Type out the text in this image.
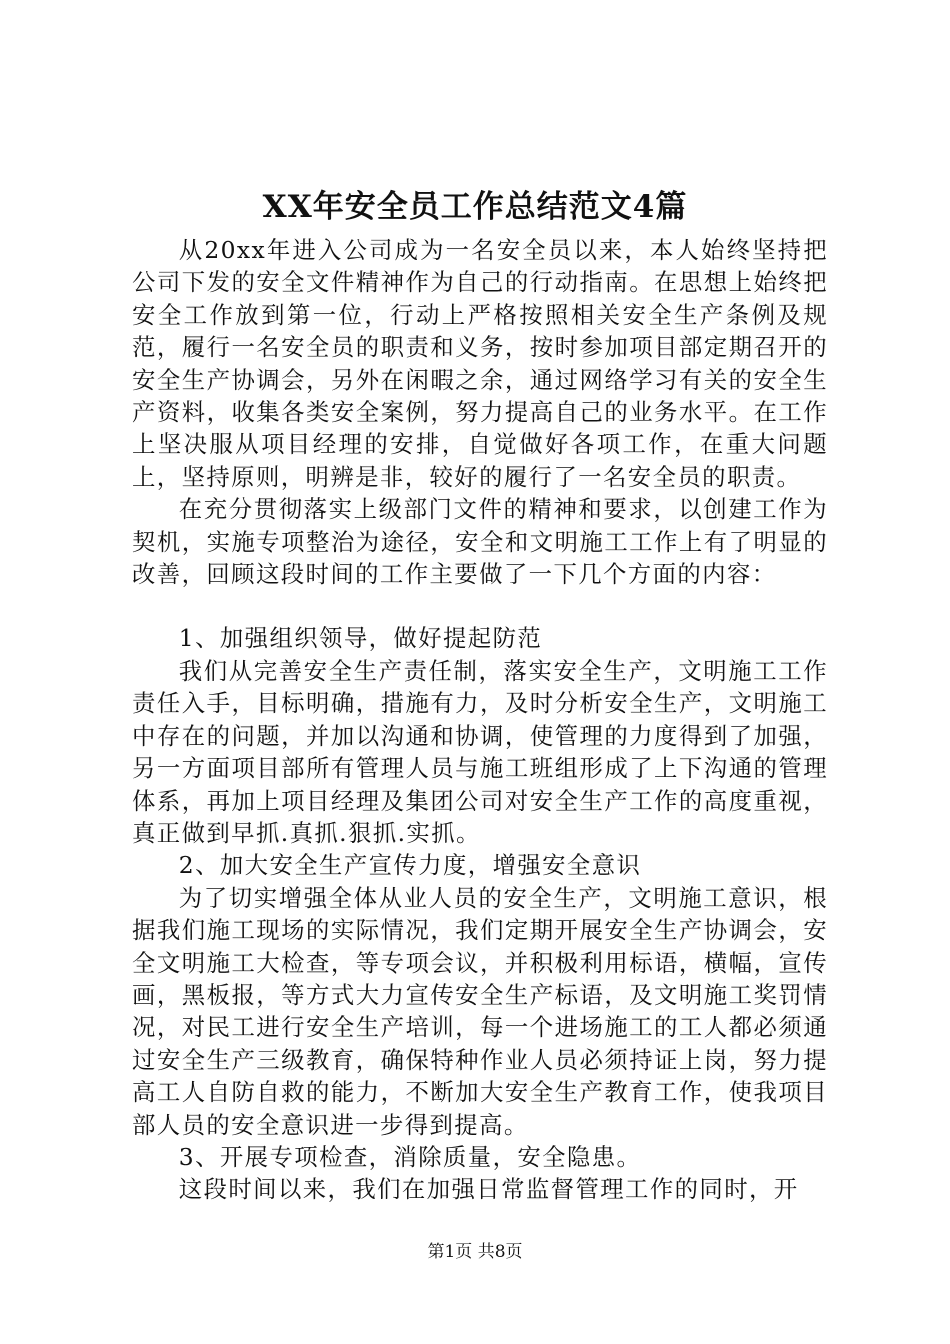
XX年安全员工作总结范文4篇

从20xx年进入公司成为一名安全员以来，本人始终坚持把公司下发的安全文件精神作为自己的行动指南。在思想上始终把安全工作放到第一位，行动上严格按照相关安全生产条例及规范，履行一名安全员的职责和义务，按时参加项目部定期召开的安全生产协调会，另外在闲暇之余，通过网络学习有关的安全生产资料，收集各类安全案例，努力提高自己的业务水平。在工作上坚决服从项目经理的安排，自觉做好各项工作，在重大问题上，坚持原则，明辨是非，较好的履行了一名安全员的职责。

在充分贯彻落实上级部门文件的精神和要求，以创建工作为契机，实施专项整治为途径，安全和文明施工工作上有了明显的改善，回顾这段时间的工作主要做了一下几个方面的内容：

1、加强组织领导，做好提起防范

我们从完善安全生产责任制，落实安全生产，文明施工工作责任入手，目标明确，措施有力，及时分析安全生产，文明施工中存在的问题，并加以沟通和协调，使管理的力度得到了加强，另一方面项目部所有管理人员与施工班组形成了上下沟通的管理体系，再加上项目经理及集团公司对安全生产工作的高度重视，真正做到早抓.真抓.狠抓.实抓。

2、加大安全生产宣传力度，增强安全意识

为了切实增强全体从业人员的安全生产，文明施工意识，根据我们施工现场的实际情况，我们定期开展安全生产协调会，安全文明施工大检查，等专项会议，并积极利用标语，横幅，宣传画，黑板报，等方式大力宣传安全生产标语，及文明施工奖罚情况，对民工进行安全生产培训，每一个进场施工的工人都必须通过安全生产三级教育，确保特种作业人员必须持证上岗，努力提高工人自防自救的能力，不断加大安全生产教育工作，使我项目部人员的安全意识进一步得到提高。

3、开展专项检查，消除质量，安全隐患。

这段时间以来，我们在加强日常监督管理工作的同时，开

第1页 共8页
